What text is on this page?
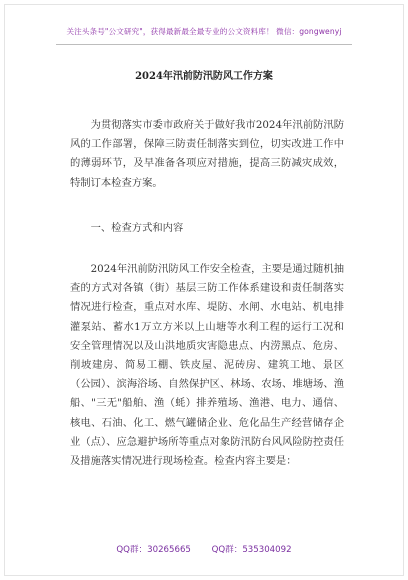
关注头条号"公文研究"，获得最新最全最专业的公文资料库！ 微信：gongwenyj
2024年汛前防汛防风工作方案

为贯彻落实市委市政府关于做好我市2024年汛前防汛防风的工作部署，保障三防责任制落实到位，切实改进工作中的薄弱环节，及早准备各项应对措施，提高三防减灾成效，特制订本检查方案。

一、检查方式和内容

2024年汛前防汛防风工作安全检查，主要是通过随机抽查的方式对各镇（街）基层三防工作体系建设和责任制落实情况进行检查，重点对水库、堤防、水闸、水电站、机电排灌泵站、蓄水1万立方米以上山塘等水利工程的运行工况和安全管理情况以及山洪地质灾害隐患点、内涝黑点、危房、削坡建房、简易工棚、铁皮屋、泥砖房、建筑工地、景区（公园）、滨海浴场、自然保护区、林场、农场、堆塘场、渔船、"三无"船舶、渔（蚝）排养殖场、渔港、电力、通信、核电、石油、化工、燃气罐储企业、危化品生产经营储存企业（点）、应急避护场所等重点对象防汛防台风风险防控责任及措施落实情况进行现场检查。检查内容主要是：

QQ群：30265665 QQ群：535304092
